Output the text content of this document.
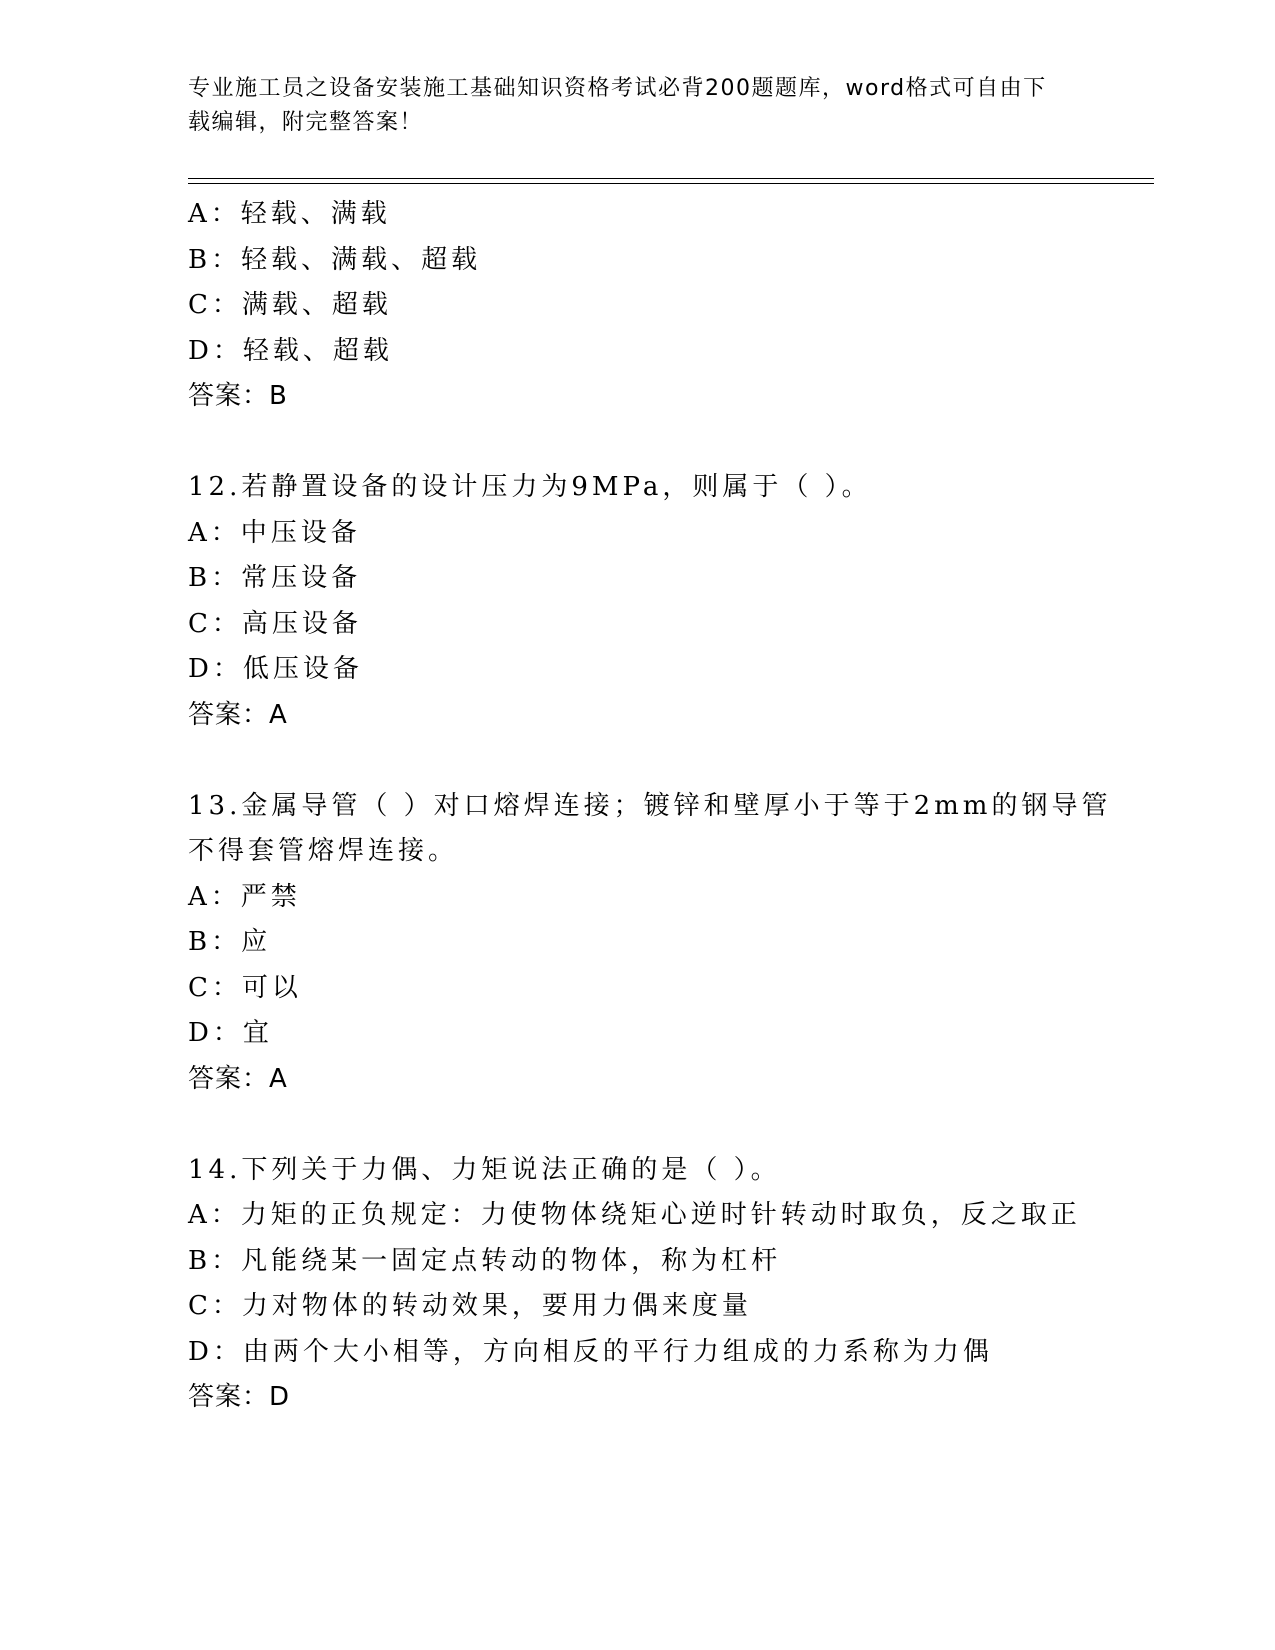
专业施工员之设备安装施工基础知识资格考试必背200题题库，word格式可自由下载编辑，附完整答案！
A：轻载、满载
B：轻载、满载、超载
C：满载、超载
D：轻载、超载
答案：B
12.若静置设备的设计压力为9MPa，则属于（ ）。
A：中压设备
B：常压设备
C：高压设备
D：低压设备
答案：A
13.金属导管（ ）对口熔焊连接；镀锌和壁厚小于等于2mm的钢导管
不得套管熔焊连接。
A：严禁
B：应
C：可以
D：宜
答案：A
14.下列关于力偶、力矩说法正确的是（ ）。
A：力矩的正负规定：力使物体绕矩心逆时针转动时取负，反之取正
B：凡能绕某一固定点转动的物体，称为杠杆
C：力对物体的转动效果，要用力偶来度量
D：由两个大小相等，方向相反的平行力组成的力系称为力偶
答案：D
